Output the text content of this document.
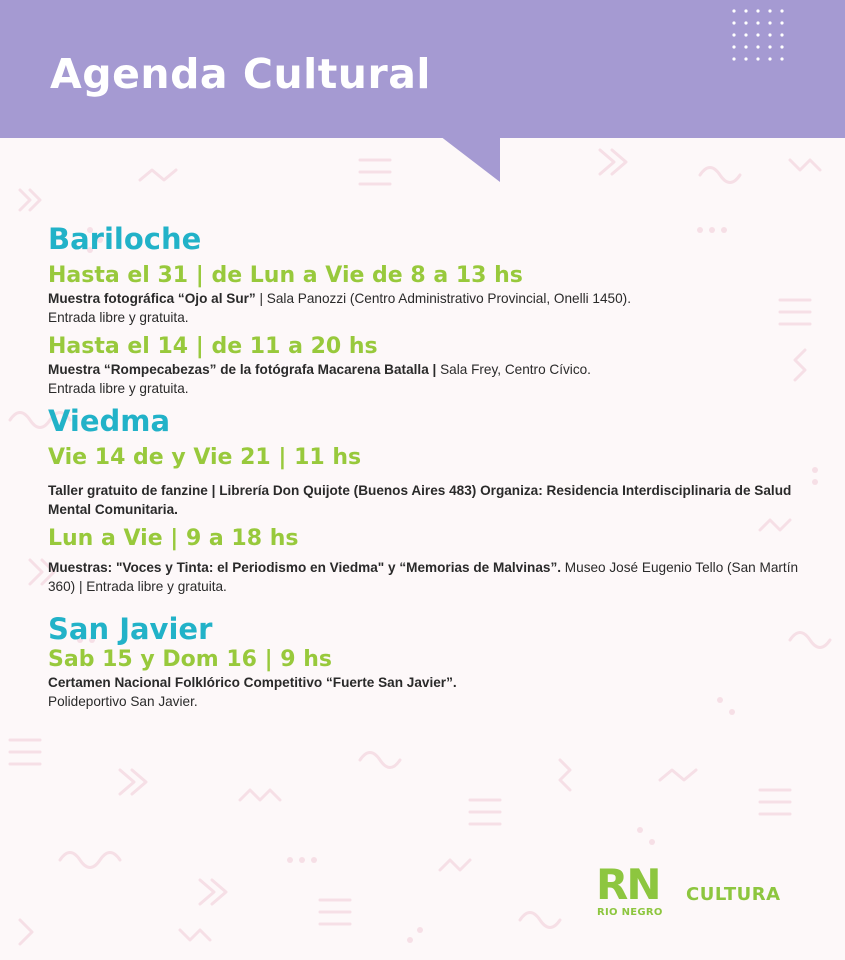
Agenda Cultural
Bariloche

Hasta el 31 | de Lun a Vie de 8 a 13 hs

Muestra fotográfica “Ojo al Sur” | Sala Panozzi (Centro Administrativo Provincial, Onelli 1450).

Entrada libre y gratuita.

Hasta el 14 | de 11 a 20 hs

Muestra “Rompecabezas” de la fotógrafa Macarena Batalla | Sala Frey, Centro Cívico.

Entrada libre y gratuita.

Viedma

Vie 14 de y Vie 21 | 11 hs

Taller gratuito de fanzine | Librería Don Quijote (Buenos Aires 483) Organiza: Residencia Interdisciplinaria de Salud Mental Comunitaria.

Lun a Vie | 9 a 18 hs

Muestras: "Voces y Tinta: el Periodismo en Viedma" y “Memorias de Malvinas”. Museo José Eugenio Tello (San Martín 360) | Entrada libre y gratuita.

San Javier

Sab 15 y Dom 16 | 9 hs

Certamen Nacional Folklórico Competitivo “Fuerte San Javier”.

Polideportivo San Javier.

RN
RIO NEGRO
CULTURA
